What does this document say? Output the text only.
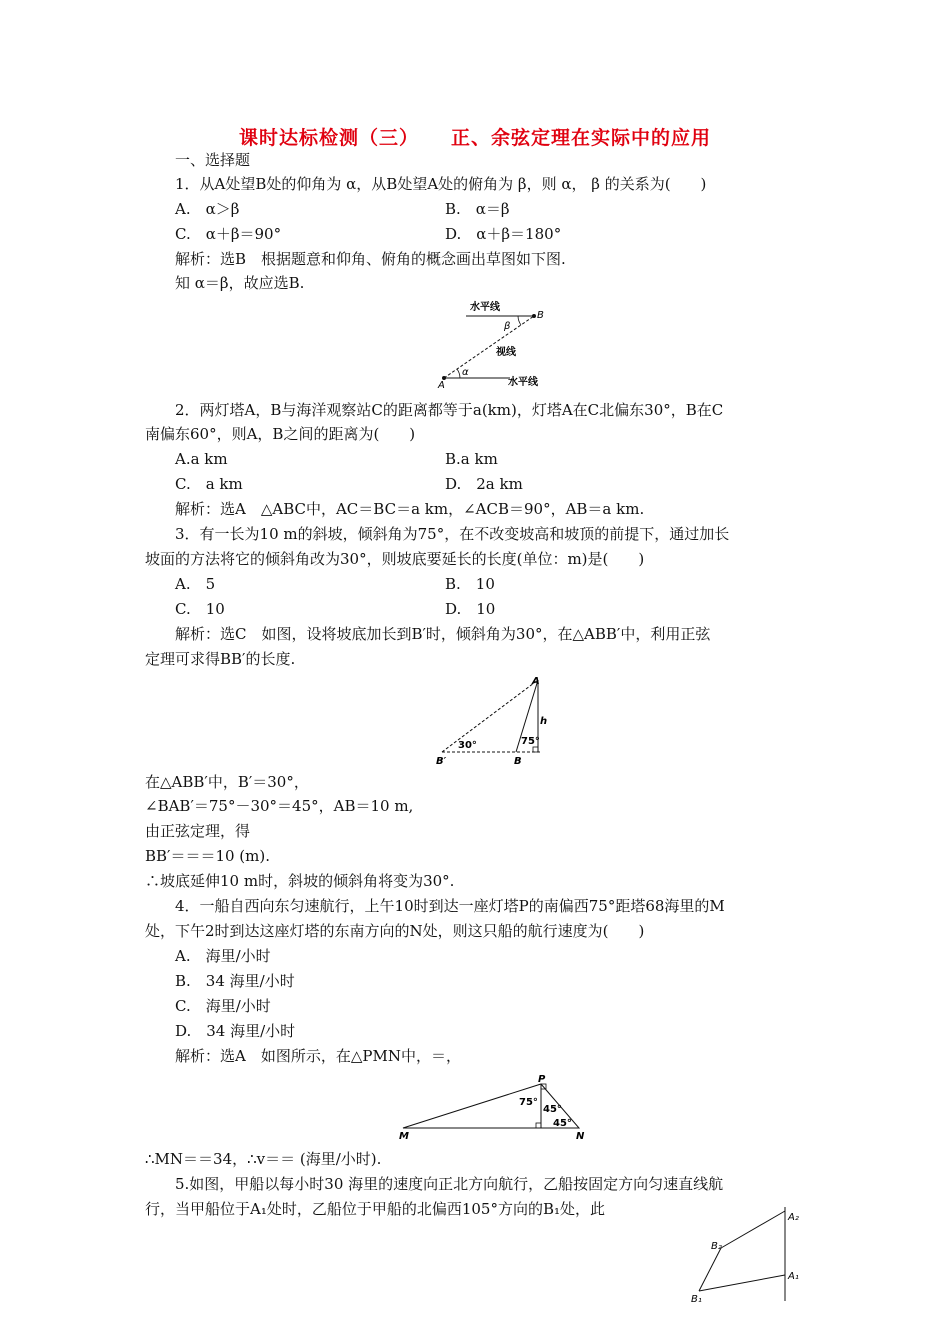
课时达标检测（三） 正、余弦定理在实际中的应用
一、选择题
1．从A处望B处的仰角为 α，从B处望A处的俯角为 β，则 α， β 的关系为(　　)
A.　α＞β	B.　α＝β
C.　α＋β＝90°	D.　α＋β＝180°
解析：选B　根据题意和仰角、俯角的概念画出草图如下图.
知 α＝β，故应选B.
水平线
水平线
视线
α
β
A
B
2．两灯塔A，B与海洋观察站C的距离都等于a(km)，灯塔A在C北偏东30°，B在C
南偏东60°，则A，B之间的距离为(　　)
A.a km	B.a km
C.　a km	D.　2a km
解析：选A　△ABC中，AC＝BC＝a km，∠ACB＝90°，AB＝a km.
3．有一长为10 m的斜坡，倾斜角为75°，在不改变坡高和坡顶的前提下，通过加长
坡面的方法将它的倾斜角改为30°，则坡底要延长的长度(单位：m)是(　　)
A.　5	B.　10
C.　10	D.　10
解析：选C　如图，设将坡底加长到B′时，倾斜角为30°，在△ABB′中，利用正弦
定理可求得BB′的长度.
A
B
B′
h
30°	75°
在△ABB′中，B′＝30°，
∠BAB′＝75°－30°＝45°，AB＝10 m,
由正弦定理，得
BB′＝＝＝10 (m).
∴坡底延伸10 m时，斜坡的倾斜角将变为30°.
4．一船自西向东匀速航行，上午10时到达一座灯塔P的南偏西75°距塔68海里的M
处，下午2时到达这座灯塔的东南方向的N处，则这只船的航行速度为(　　)
A.　海里/小时
B.　34 海里/小时
C.　海里/小时
D.　34 海里/小时
解析：选A　如图所示，在△PMN中，＝，
P
M	N
75°
45°
45°
∴MN＝＝34，∴v＝＝ (海里/小时).
5.如图，甲船以每小时30 海里的速度向正北方向航行，乙船按固定方向匀速直线航
行，当甲船位于A₁处时，乙船位于甲船的北偏西105°方向的B₁处，此	A₂
A₁
B₁
B₂
